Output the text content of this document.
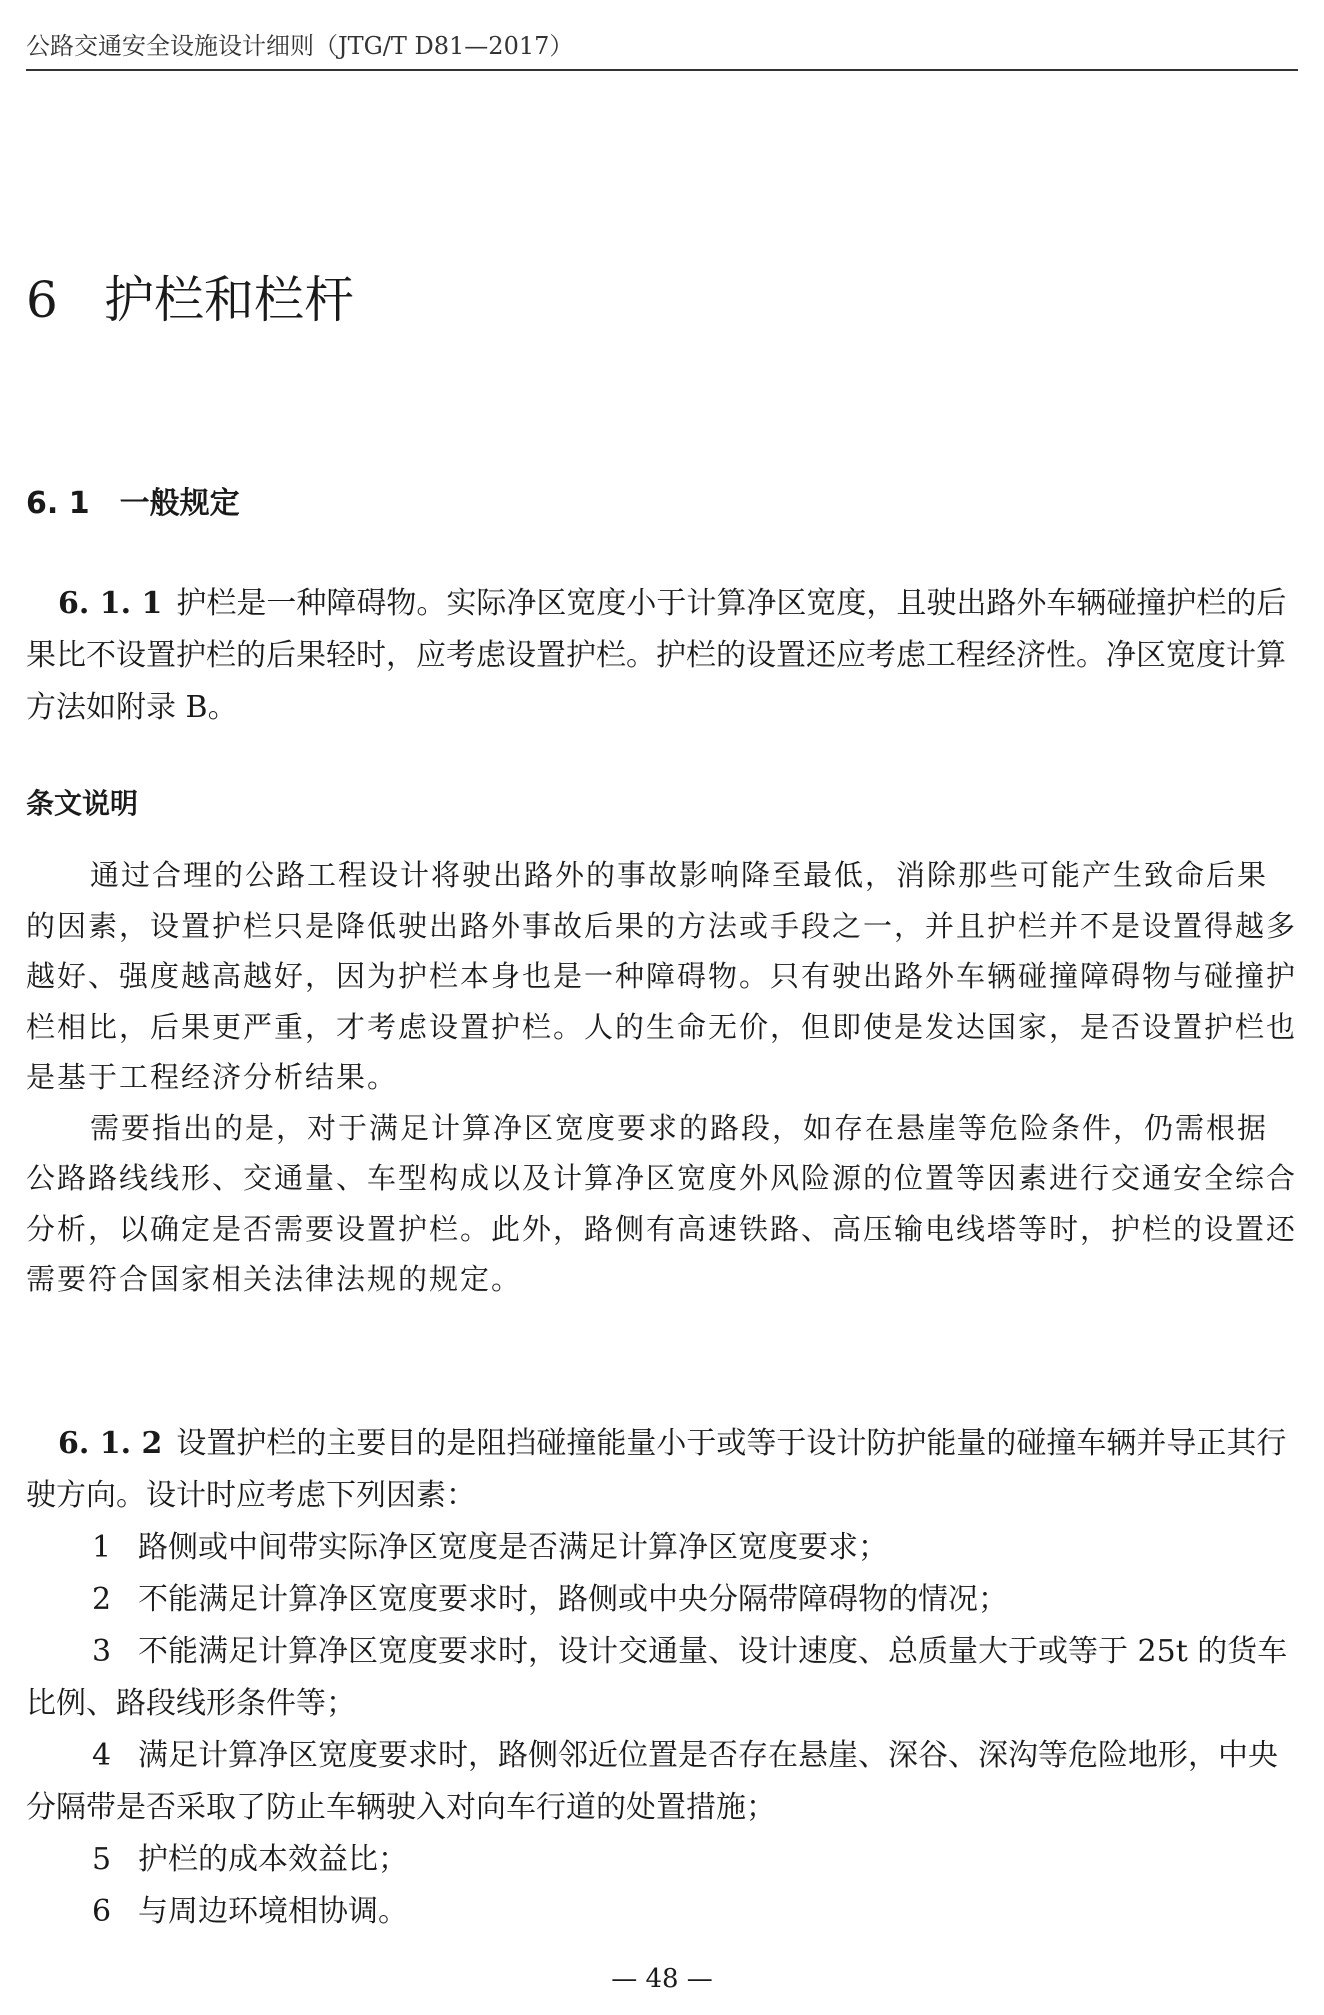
公路交通安全设施设计细则（JTG/T D81—2017）
6 护栏和栏杆
6. 1 一般规定
6. 1. 1 护栏是一种障碍物。实际净区宽度小于计算净区宽度，且驶出路外车辆碰撞护栏的后果比不设置护栏的后果轻时，应考虑设置护栏。护栏的设置还应考虑工程经济性。净区宽度计算方法如附录 B。
条文说明

通过合理的公路工程设计将驶出路外的事故影响降至最低，消除那些可能产生致命后果的因素，设置护栏只是降低驶出路外事故后果的方法或手段之一，并且护栏并不是设置得越多越好、强度越高越好，因为护栏本身也是一种障碍物。只有驶出路外车辆碰撞障碍物与碰撞护栏相比，后果更严重，才考虑设置护栏。人的生命无价，但即使是发达国家，是否设置护栏也是基于工程经济分析结果。

需要指出的是，对于满足计算净区宽度要求的路段，如存在悬崖等危险条件，仍需根据公路路线线形、交通量、车型构成以及计算净区宽度外风险源的位置等因素进行交通安全综合分析，以确定是否需要设置护栏。此外，路侧有高速铁路、高压输电线塔等时，护栏的设置还需要符合国家相关法律法规的规定。

6. 1. 2 设置护栏的主要目的是阻挡碰撞能量小于或等于设计防护能量的碰撞车辆并导正其行驶方向。设计时应考虑下列因素：

1 路侧或中间带实际净区宽度是否满足计算净区宽度要求；

2 不能满足计算净区宽度要求时，路侧或中央分隔带障碍物的情况；

3 不能满足计算净区宽度要求时，设计交通量、设计速度、总质量大于或等于 25t 的货车比例、路段线形条件等；

4 满足计算净区宽度要求时，路侧邻近位置是否存在悬崖、深谷、深沟等危险地形，中央分隔带是否采取了防止车辆驶入对向车行道的处置措施；

5 护栏的成本效益比；

6 与周边环境相协调。

— 48 —
